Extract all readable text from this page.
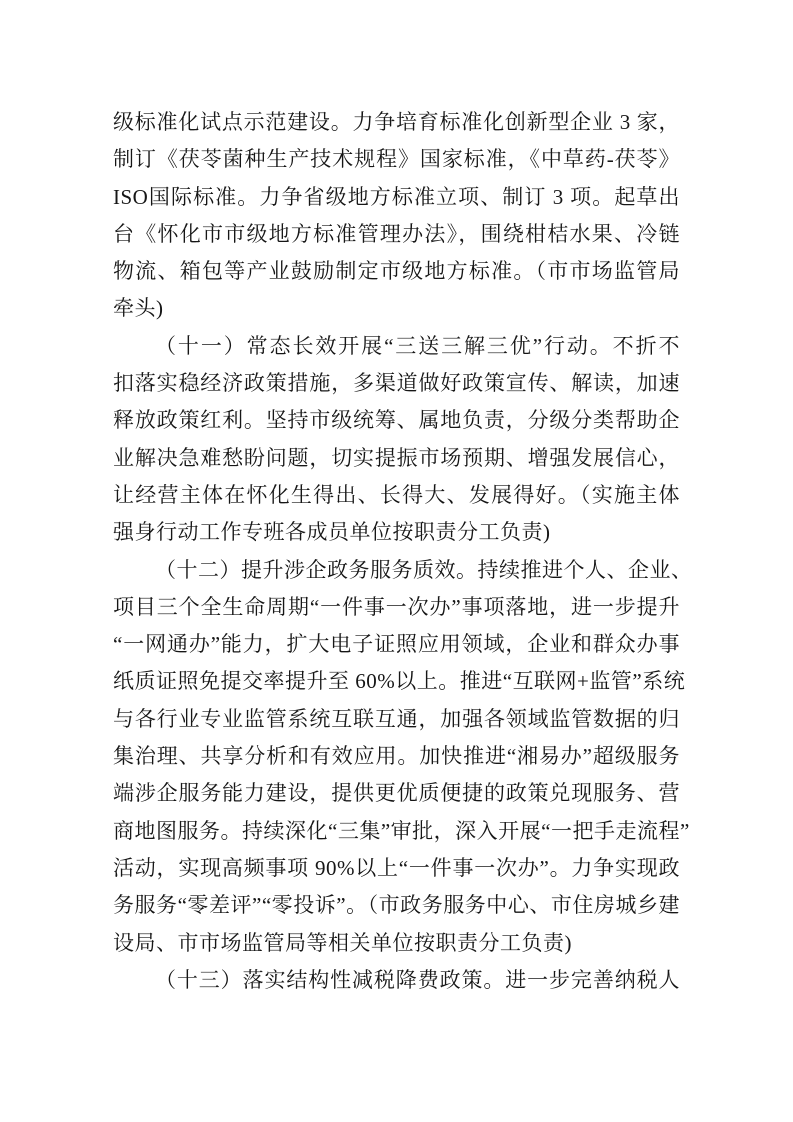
级标准化试点示范建设。力争培育标准化创新型企业 3 家，
制订《茯苓菌种生产技术规程》国家标准，《中草药-茯苓》
ISO国际标准。力争省级地方标准立项、制订 3 项。起草出
台《怀化市市级地方标准管理办法》，围绕柑桔水果、冷链
物流、箱包等产业鼓励制定市级地方标准。（市市场监管局
牵头)
（十一）常态长效开展“三送三解三优”行动。不折不
扣落实稳经济政策措施，多渠道做好政策宣传、解读，加速
释放政策红利。坚持市级统筹、属地负责，分级分类帮助企
业解决急难愁盼问题，切实提振市场预期、增强发展信心，
让经营主体在怀化生得出、长得大、发展得好。（实施主体
强身行动工作专班各成员单位按职责分工负责)
（十二）提升涉企政务服务质效。持续推进个人、企业、
项目三个全生命周期“一件事一次办”事项落地，进一步提升
“一网通办”能力，扩大电子证照应用领域，企业和群众办事
纸质证照免提交率提升至 60%以上。推进“互联网+监管”系统
与各行业专业监管系统互联互通，加强各领域监管数据的归
集治理、共享分析和有效应用。加快推进“湘易办”超级服务
端涉企服务能力建设，提供更优质便捷的政策兑现服务、营
商地图服务。持续深化“三集”审批，深入开展“一把手走流程”
活动，实现高频事项 90%以上“一件事一次办”。力争实现政
务服务“零差评”“零投诉”。（市政务服务中心、市住房城乡建
设局、市市场监管局等相关单位按职责分工负责)
（十三）落实结构性减税降费政策。进一步完善纳税人
